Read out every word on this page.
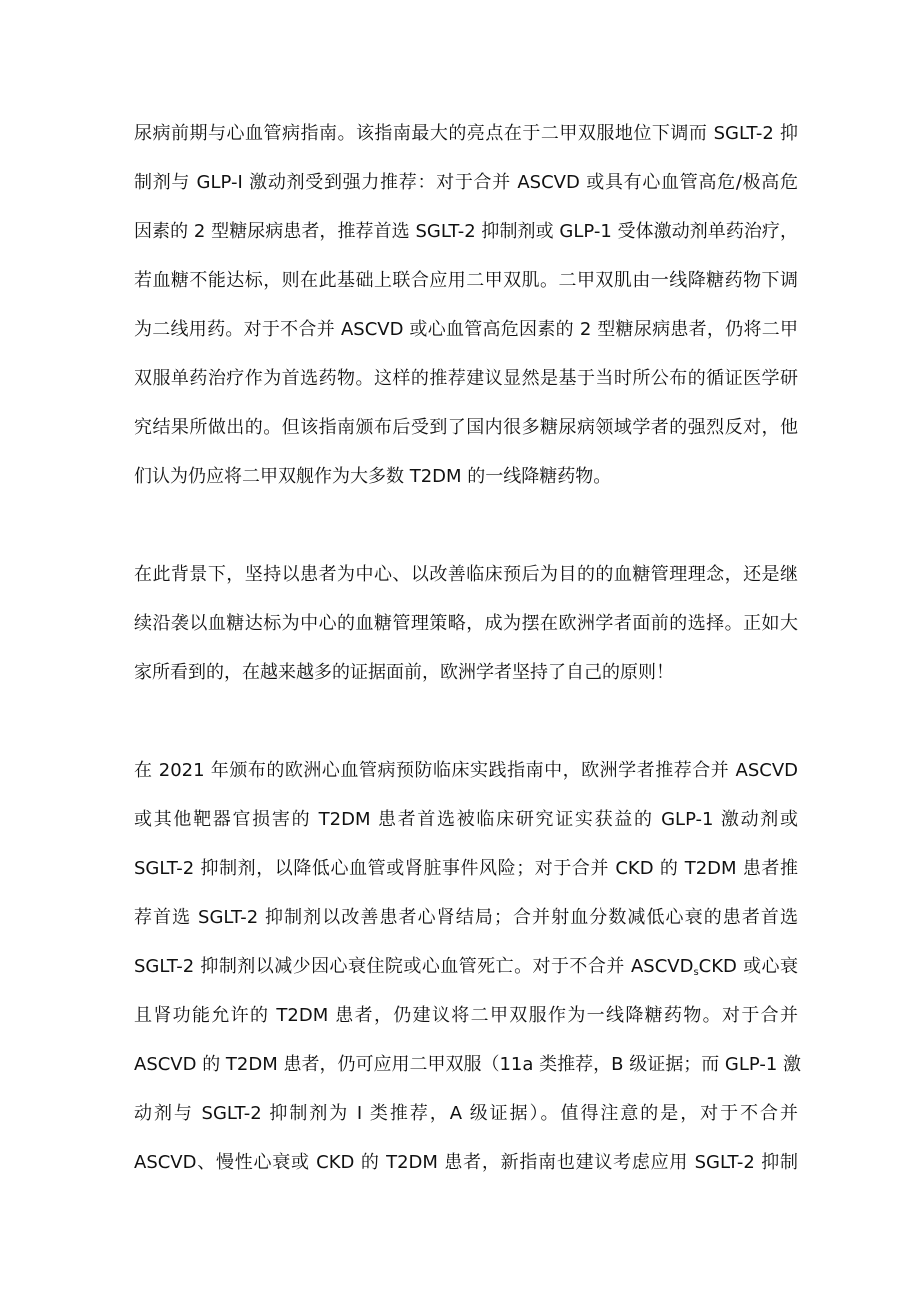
尿病前期与心血管病指南。该指南最大的亮点在于二甲双服地位下调而 SGLT-2 抑
制剂与 GLP-I 激动剂受到强力推荐：对于合并 ASCVD 或具有心血管高危/极高危
因素的 2 型糖尿病患者，推荐首选 SGLT-2 抑制剂或 GLP-1 受体激动剂单药治疗，
若血糖不能达标，则在此基础上联合应用二甲双肌。二甲双肌由一线降糖药物下调
为二线用药。对于不合并 ASCVD 或心血管高危因素的 2 型糖尿病患者，仍将二甲
双服单药治疗作为首选药物。这样的推荐建议显然是基于当时所公布的循证医学研
究结果所做出的。但该指南颁布后受到了国内很多糖尿病领域学者的强烈反对，他
们认为仍应将二甲双舰作为大多数 T2DM 的一线降糖药物。
在此背景下，坚持以患者为中心、以改善临床预后为目的的血糖管理理念，还是继
续沿袭以血糖达标为中心的血糖管理策略，成为摆在欧洲学者面前的选择。正如大
家所看到的，在越来越多的证据面前，欧洲学者坚持了自己的原则！
在 2021 年颁布的欧洲心血管病预防临床实践指南中，欧洲学者推荐合并 ASCVD
或其他靶器官损害的 T2DM 患者首选被临床研究证实获益的 GLP-1 激动剂或
SGLT-2 抑制剂，以降低心血管或肾脏事件风险；对于合并 CKD 的 T2DM 患者推
荐首选 SGLT-2 抑制剂以改善患者心肾结局；合并射血分数减低心衰的患者首选
SGLT-2 抑制剂以减少因心衰住院或心血管死亡。对于不合并 $ASCVD_sCKD$ 或心衰
且肾功能允许的 T2DM 患者，仍建议将二甲双服作为一线降糖药物。对于合并
ASCVD 的 T2DM 患者，仍可应用二甲双服（11a 类推荐，B 级证据；而 GLP-1 激
动剂与 SGLT-2 抑制剂为 I 类推荐，A 级证据）。值得注意的是，对于不合并
ASCVD、慢性心衰或 CKD 的 T2DM 患者，新指南也建议考虑应用 SGLT-2 抑制
